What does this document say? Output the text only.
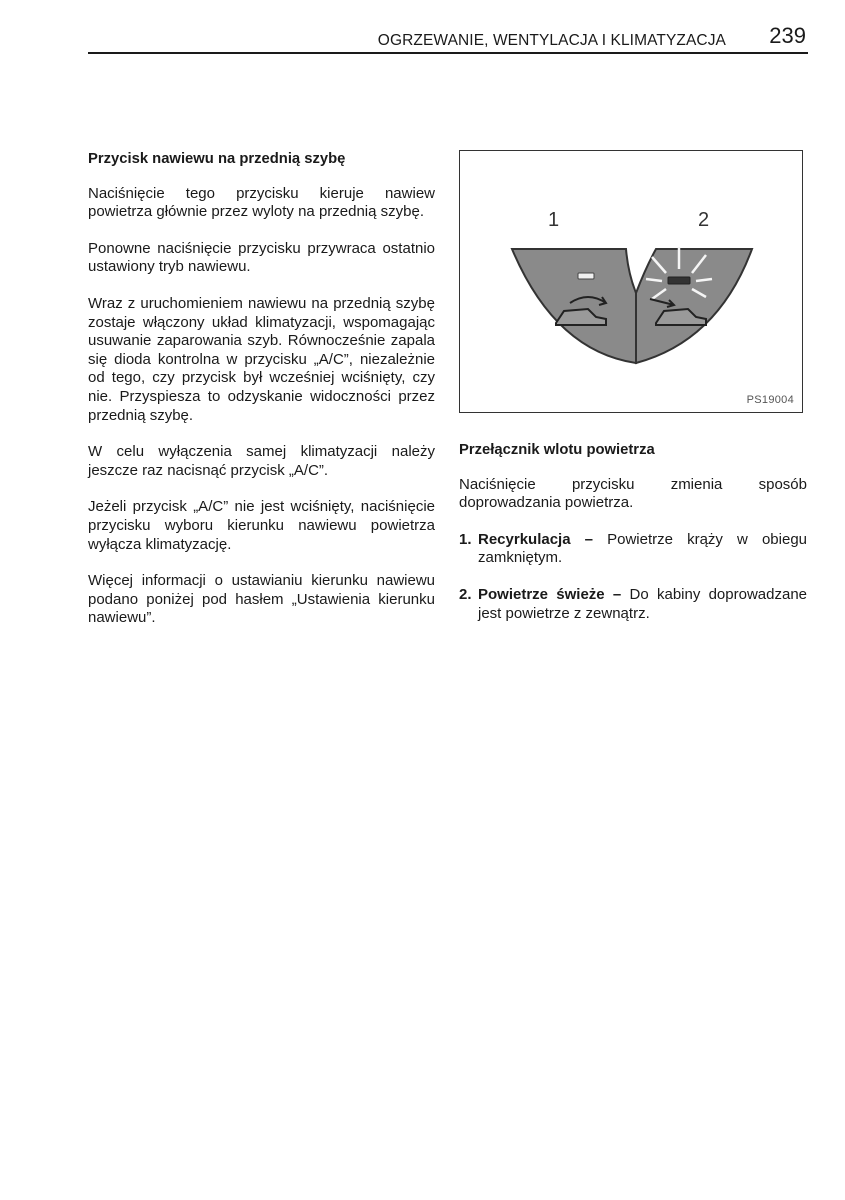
OGRZEWANIE, WENTYLACJA I KLIMATYZACJA 239
Przycisk nawiewu na przednią szybę

Naciśnięcie tego przycisku kieruje nawiew powietrza głównie przez wyloty na przednią szybę.

Ponowne naciśnięcie przycisku przywraca ostatnio ustawiony tryb nawiewu.

Wraz z uruchomieniem nawiewu na przednią szybę zostaje włączony układ klimatyzacji, wspomagając usuwanie zaparowania szyb. Równocześnie zapala się dioda kontrolna w przycisku „A/C”, niezależnie od tego, czy przycisk był wcześniej wciśnięty, czy nie. Przyspiesza to odzyskanie widoczności przez przednią szybę.

W celu wyłączenia samej klimatyzacji należy jeszcze raz nacisnąć przycisk „A/C”.

Jeżeli przycisk „A/C” nie jest wciśnięty, naciśnięcie przycisku wyboru kierunku nawiewu powietrza wyłącza klimatyzację.

Więcej informacji o ustawianiu kierunku nawiewu podano poniżej pod hasłem „Ustawienia kierunku nawiewu”.

1	2
PS19004
Przełącznik wlotu powietrza

Naciśnięcie przycisku zmienia sposób doprowadzania powietrza.

1. Recyrkulacja – Powietrze krąży w obiegu zamkniętym.
2. Powietrze świeże – Do kabiny doprowadzane jest powietrze z zewnątrz.
